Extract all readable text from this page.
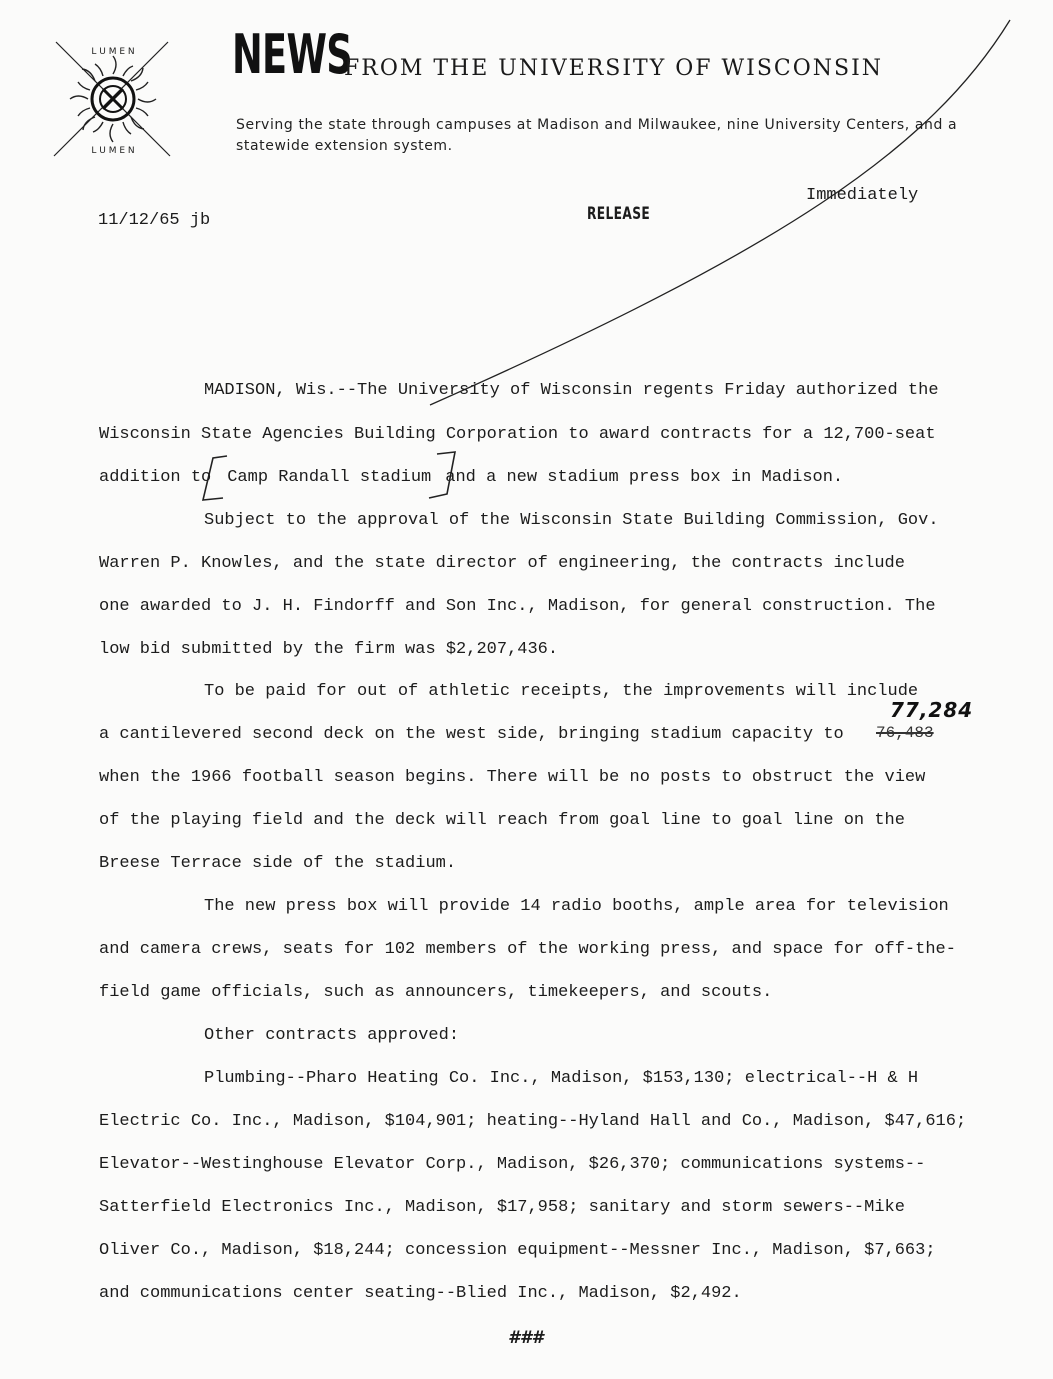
L U M E N
L U M E N
NEWS
FROM THE UNIVERSITY OF WISCONSIN
Serving the state through campuses at Madison and Milwaukee, nine University Centers, and a statewide extension system.
11/12/65 jb	RELEASE
Immediately
MADISON, Wis.--The University of Wisconsin regents Friday authorized the
Wisconsin State Agencies Building Corporation to award contracts for a 12,700-seat
addition to Camp Randall stadium and a new stadium press box in Madison.
Subject to the approval of the Wisconsin State Building Commission, Gov.
Warren P. Knowles, and the state director of engineering, the contracts include
one awarded to J. H. Findorff and Son Inc., Madison, for general construction. The
low bid submitted by the firm was $2,207,436.
To be paid for out of athletic receipts, the improvements will include
a cantilevered second deck on the west side, bringing stadium capacity to
when the 1966 football season begins. There will be no posts to obstruct the view
of the playing field and the deck will reach from goal line to goal line on the
Breese Terrace side of the stadium.
76,483
77,284
The new press box will provide 14 radio booths, ample area for television
and camera crews, seats for 102 members of the working press, and space for off-the-
field game officials, such as announcers, timekeepers, and scouts.
Other contracts approved:
Plumbing--Pharo Heating Co. Inc., Madison, $153,130; electrical--H & H
Electric Co. Inc., Madison, $104,901; heating--Hyland Hall and Co., Madison, $47,616;
Elevator--Westinghouse Elevator Corp., Madison, $26,370; communications systems--
Satterfield Electronics Inc., Madison, $17,958; sanitary and storm sewers--Mike
Oliver Co., Madison, $18,244; concession equipment--Messner Inc., Madison, $7,663;
and communications center seating--Blied Inc., Madison, $2,492.
###
